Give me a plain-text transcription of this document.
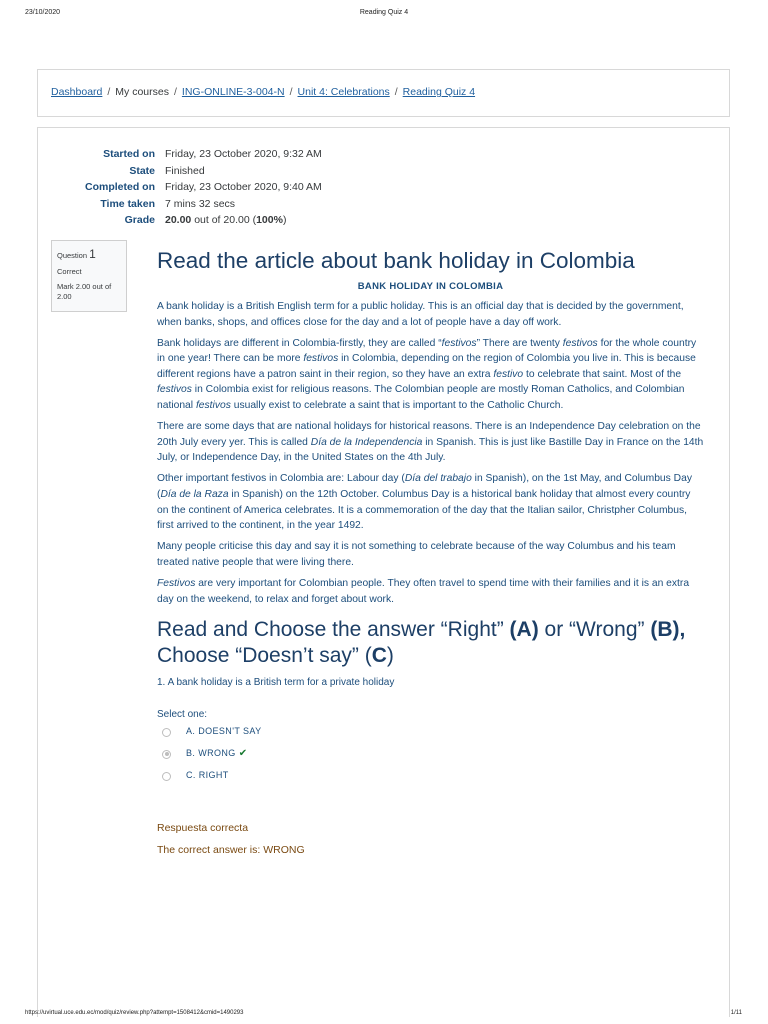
23/10/2020	Reading Quiz 4
Dashboard / My courses / ING-ONLINE-3-004-N / Unit 4: Celebrations / Reading Quiz 4
Started on Friday, 23 October 2020, 9:32 AM
State Finished
Completed on Friday, 23 October 2020, 9:40 AM
Time taken 7 mins 32 secs
Grade 20.00 out of 20.00 (100%)
Question 1
Correct
Mark 2.00 out of 2.00
Read the article about bank holiday in Colombia
BANK HOLIDAY IN COLOMBIA

A bank holiday is a British English term for a public holiday. This is an official day that is decided by the government, when banks, shops, and offices close for the day and a lot of people have a day off work.

Bank holidays are different in Colombia-firstly, they are called “festivos” There are twenty festivos for the whole country in one year! There can be more festivos in Colombia, depending on the region of Colombia you live in. This is because different regions have a patron saint in their region, so they have an extra festivo to celebrate that saint. Most of the festivos in Colombia exist for religious reasons. The Colombian people are mostly Roman Catholics, and Colombian national festivos usually exist to celebrate a saint that is important to the Catholic Church.

There are some days that are national holidays for historical reasons. There is an Independence Day celebration on the 20th July every yer. This is called Día de la Independencia in Spanish. This is just like Bastille Day in France on the 14th July, or Independence Day, in the United States on the 4th July.

Other important festivos in Colombia are: Labour day (Día del trabajo in Spanish), on the 1st May, and Columbus Day (Día de la Raza in Spanish) on the 12th October. Columbus Day is a historical bank holiday that almost every country on the continent of America celebrates. It is a commemoration of the day that the Italian sailor, Christpher Columbus, first arrived to the continent, in the year 1492.

Many people criticise this day and say it is not something to celebrate because of the way Columbus and his team treated native people that were living there.

Festivos are very important for Colombian people. They often travel to spend time with their families and it is an extra day on the weekend, to relax and forget about work.

Read and Choose the answer “Right” (A) or “Wrong” (B), Choose “Doesn’t say” (C)
1. A bank holiday is a British term for a private holiday
Select one:
A. DOESN'T SAY
B. WRONG ✔
C. RIGHT
Respuesta correcta
The correct answer is: WRONG
https://uvirtual.uce.edu.ec/mod/quiz/review.php?attempt=1508412&cmid=1490293	1/11
